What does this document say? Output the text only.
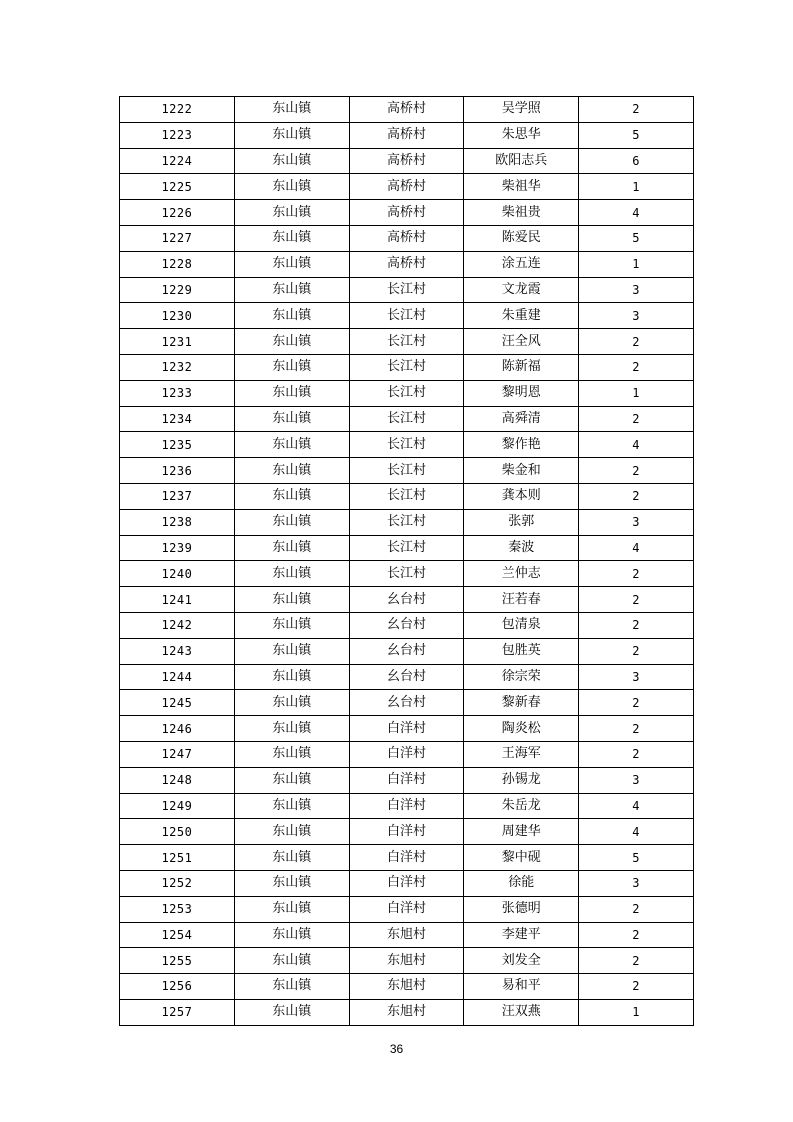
1222	东山镇	高桥村	吴学照	2
1223	东山镇	高桥村	朱思华	5
1224	东山镇	高桥村	欧阳志兵	6
1225	东山镇	高桥村	柴祖华	1
1226	东山镇	高桥村	柴祖贵	4
1227	东山镇	高桥村	陈爱民	5
1228	东山镇	高桥村	涂五连	1
1229	东山镇	长江村	文龙霞	3
1230	东山镇	长江村	朱重建	3
1231	东山镇	长江村	汪全风	2
1232	东山镇	长江村	陈新福	2
1233	东山镇	长江村	黎明恩	1
1234	东山镇	长江村	高舜清	2
1235	东山镇	长江村	黎作艳	4
1236	东山镇	长江村	柴金和	2
1237	东山镇	长江村	龚本则	2
1238	东山镇	长江村	张郭	3
1239	东山镇	长江村	秦波	4
1240	东山镇	长江村	兰仲志	2
1241	东山镇	幺台村	汪若春	2
1242	东山镇	幺台村	包清泉	2
1243	东山镇	幺台村	包胜英	2
1244	东山镇	幺台村	徐宗荣	3
1245	东山镇	幺台村	黎新春	2
1246	东山镇	白洋村	陶炎松	2
1247	东山镇	白洋村	王海军	2
1248	东山镇	白洋村	孙锡龙	3
1249	东山镇	白洋村	朱岳龙	4
1250	东山镇	白洋村	周建华	4
1251	东山镇	白洋村	黎中砚	5
1252	东山镇	白洋村	徐能	3
1253	东山镇	白洋村	张德明	2
1254	东山镇	东旭村	李建平	2
1255	东山镇	东旭村	刘发全	2
1256	东山镇	东旭村	易和平	2
1257	东山镇	东旭村	汪双燕	1
36
